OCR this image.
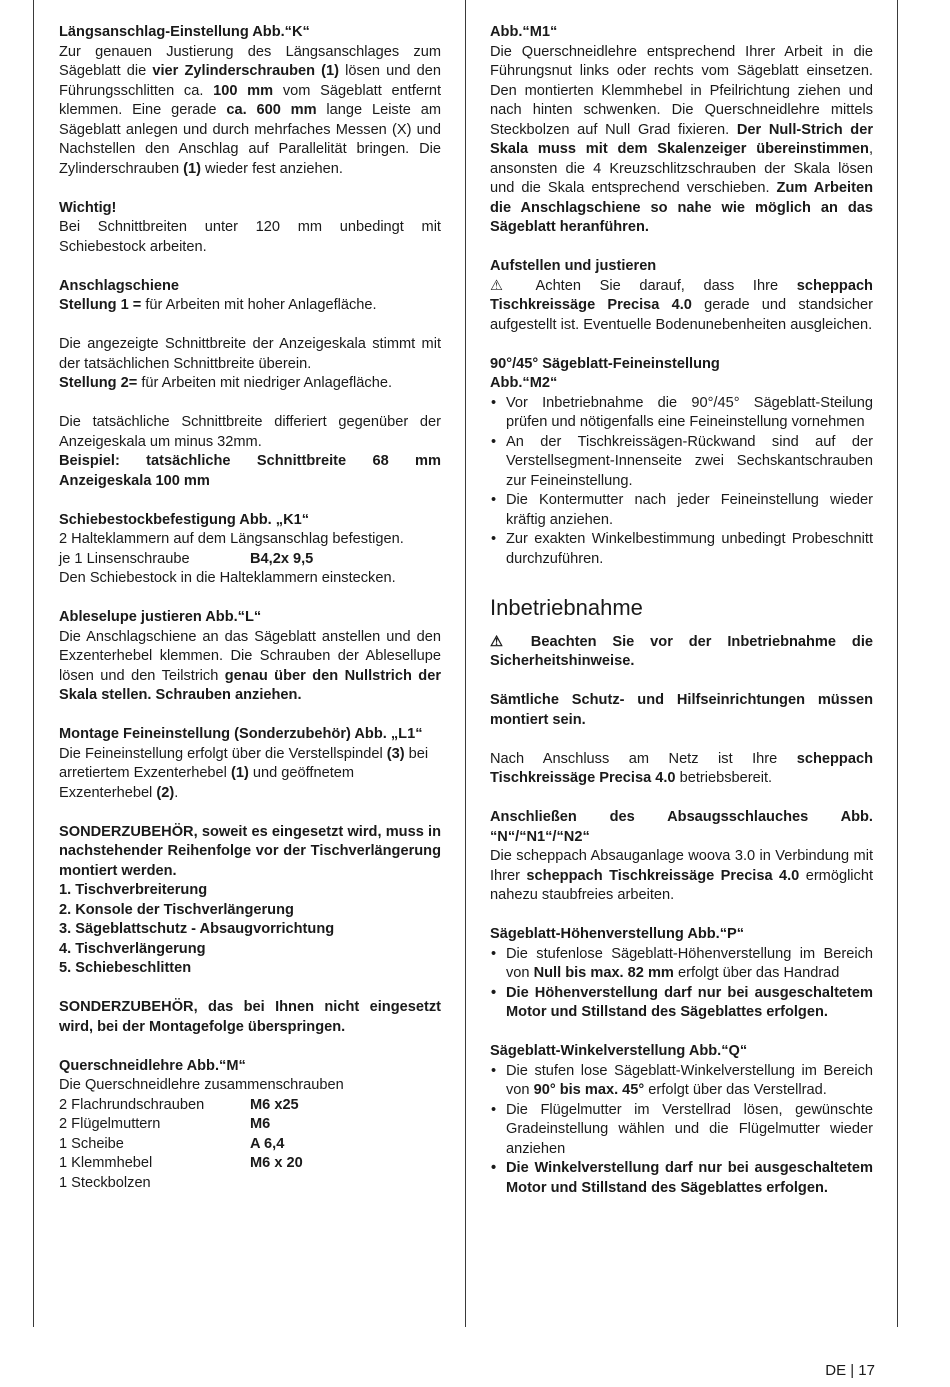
Längsanschlag-Einstellung Abb.“K“

Zur genauen Justierung des Längsanschlages zum Sägeblatt die vier Zylinderschrauben (1) lösen und den Führungsschlitten ca. 100 mm vom Sägeblatt entfernt klemmen. Eine gerade ca. 600 mm lange Leiste am Sägeblatt anlegen und durch mehrfaches Messen (X) und Nachstellen den Anschlag auf Parallelität bringen. Die Zylinderschrauben (1) wieder fest anziehen.

Wichtig!

Bei Schnittbreiten unter 120 mm unbedingt mit Schiebestock arbeiten.

Anschlagschiene

Stellung 1 = für Arbeiten mit hoher Anlagefläche.

Die angezeigte Schnittbreite der Anzeigeskala stimmt mit der tatsächlichen Schnittbreite überein.

Stellung 2= für Arbeiten mit niedriger Anlagefläche.

Die tatsächliche Schnittbreite differiert gegenüber der Anzeigeskala um minus 32mm.

Beispiel: tatsächliche Schnittbreite 68 mm Anzeigeskala 100 mm

Schiebestockbefestigung Abb. „K1“

2 Halteklammern auf dem Längsanschlag befestigen.

je 1 Linsenschraube	B4,2x 9,5

Den Schiebestock in die Halteklammern einstecken.

Ableselupe justieren Abb.“L“

Die Anschlagschiene an das Sägeblatt anstellen und den Exzenterhebel klemmen. Die Schrauben der Ablesellupe lösen und den Teilstrich genau über den Nullstrich der Skala stellen. Schrauben anziehen.

Montage Feineinstellung (Sonderzubehör) Abb. „L1“

Die Feineinstellung erfolgt über die Verstellspindel (3) bei arretiertem Exzenterhebel (1) und geöffnetem Exzenterhebel (2).

SONDERZUBEHÖR, soweit es eingesetzt wird, muss in nachstehender Reihenfolge vor der Tischverlängerung montiert werden.

1. Tischverbreiterung

2. Konsole der Tischverlängerung

3. Sägeblattschutz - Absaugvorrichtung

4. Tischverlängerung

5. Schiebeschlitten

SONDERZUBEHÖR, das bei Ihnen nicht eingesetzt wird, bei der Montagefolge überspringen.

Querschneidlehre Abb.“M“

Die Querschneidlehre zusammenschrauben

2 Flachrundschrauben	M6 x25
2 Flügelmuttern	M6
1 Scheibe	A 6,4
1 Klemmhebel	M6 x 20
1 Steckbolzen

Abb.“M1“

Die Querschneidlehre entsprechend Ihrer Arbeit in die Führungsnut links oder rechts vom Sägeblatt einsetzen. Den montierten Klemmhebel in Pfeilrichtung ziehen und nach hinten schwenken. Die Querschneidlehre mittels Steckbolzen auf Null Grad fixieren. Der Null-Strich der Skala muss mit dem Skalenzeiger übereinstimmen, ansonsten die 4 Kreuzschlitzschrauben der Skala lösen und die Skala entsprechend verschieben. Zum Arbeiten die Anschlagschiene so nahe wie möglich an das Sägeblatt heranführen.

Aufstellen und justieren

⚠ Achten Sie darauf, dass Ihre scheppach Tischkreissäge Precisa 4.0 gerade und standsicher aufgestellt ist. Eventuelle Bodenunebenheiten ausgleichen.

90°/45° Sägeblatt-Feineinstellung

Abb.“M2“

• Vor Inbetriebnahme die 90°/45° Sägeblatt-Steilung prüfen und nötigenfalls eine Feineinstellung vornehmen
• An der Tischkreissägen-Rückwand sind auf der Verstellsegment-Innenseite zwei Sechskantschrauben zur Feineinstellung.
• Die Kontermutter nach jeder Feineinstellung wieder kräftig anziehen.
• Zur exakten Winkelbestimmung unbedingt Probeschnitt durchzuführen.

Inbetriebnahme

⚠ Beachten Sie vor der Inbetriebnahme die Sicherheitshinweise.

Sämtliche Schutz- und Hilfseinrichtungen müssen montiert sein.

Nach Anschluss am Netz ist Ihre scheppach Tischkreissäge Precisa 4.0 betriebsbereit.

Anschließen des Absaugsschlauches Abb. “N“/“N1“/“N2“

Die scheppach Absauganlage woova 3.0 in Verbindung mit Ihrer scheppach Tischkreissäge Precisa 4.0 ermöglicht nahezu staubfreies arbeiten.

Sägeblatt-Höhenverstellung Abb.“P“

• Die stufenlose Sägeblatt-Höhenverstellung im Bereich von Null bis max. 82 mm erfolgt über das Handrad
• Die Höhenverstellung darf nur bei ausgeschaltetem Motor und Stillstand des Sägeblattes erfolgen.

Sägeblatt-Winkelverstellung Abb.“Q“

• Die stufen lose Sägeblatt-Winkelverstellung im Bereich von 90° bis max. 45° erfolgt über das Verstellrad.
• Die Flügelmutter im Verstellrad lösen, gewünschte Gradeinstellung wählen und die Flügelmutter wieder anziehen
• Die Winkelverstellung darf nur bei ausgeschaltetem Motor und Stillstand des Sägeblattes erfolgen.
DE | 17
